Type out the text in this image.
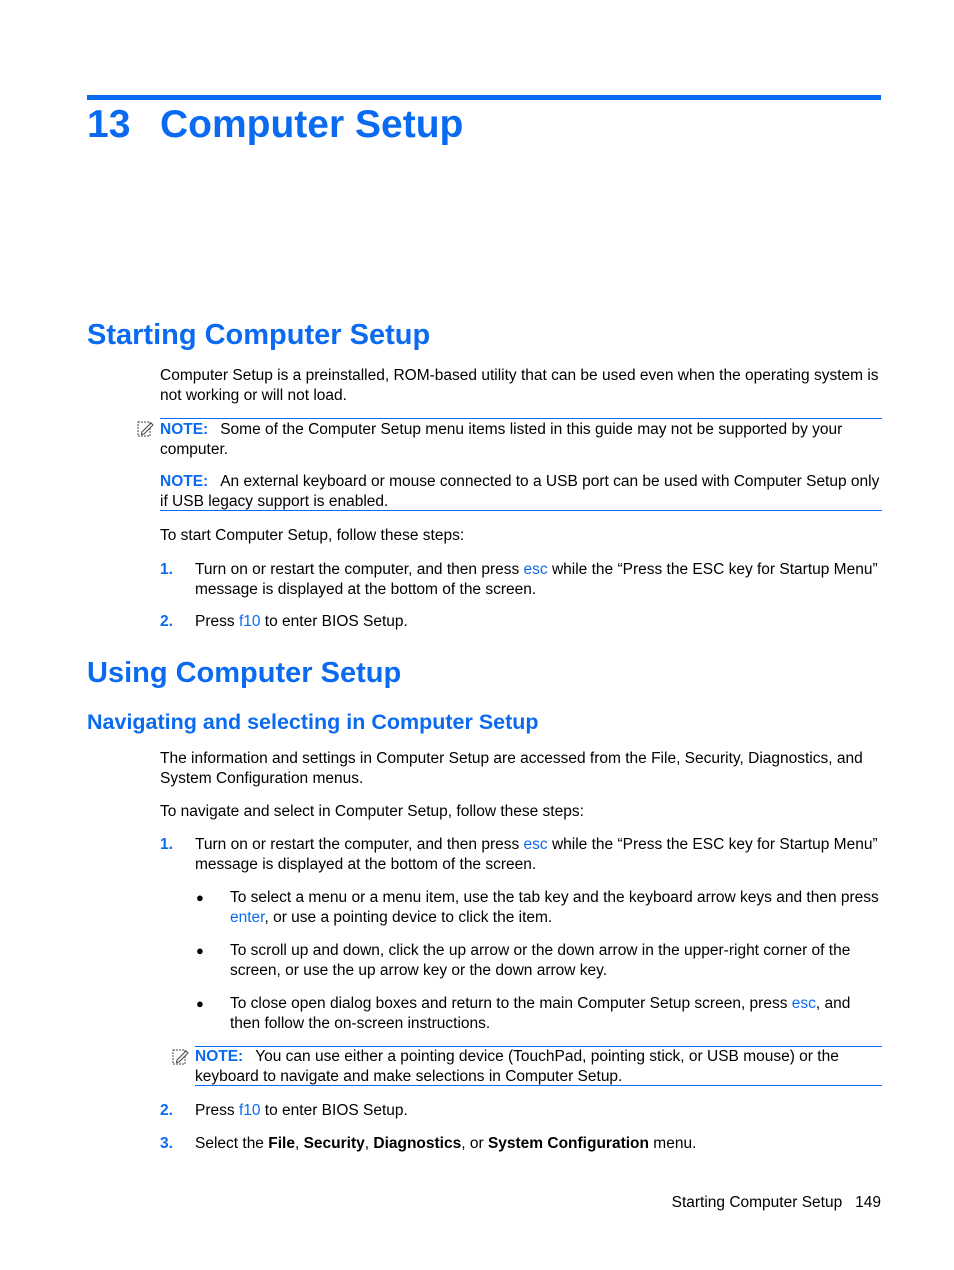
13 Computer Setup
Starting Computer Setup
Computer Setup is a preinstalled, ROM-based utility that can be used even when the operating system is not working or will not load.
NOTE: Some of the Computer Setup menu items listed in this guide may not be supported by your computer.
NOTE: An external keyboard or mouse connected to a USB port can be used with Computer Setup only if USB legacy support is enabled.
To start Computer Setup, follow these steps:
1. Turn on or restart the computer, and then press esc while the “Press the ESC key for Startup Menu” message is displayed at the bottom of the screen.
2. Press f10 to enter BIOS Setup.
Using Computer Setup
Navigating and selecting in Computer Setup
The information and settings in Computer Setup are accessed from the File, Security, Diagnostics, and System Configuration menus.
To navigate and select in Computer Setup, follow these steps:
1. Turn on or restart the computer, and then press esc while the “Press the ESC key for Startup Menu” message is displayed at the bottom of the screen.
● To select a menu or a menu item, use the tab key and the keyboard arrow keys and then press enter, or use a pointing device to click the item.
● To scroll up and down, click the up arrow or the down arrow in the upper-right corner of the screen, or use the up arrow key or the down arrow key.
● To close open dialog boxes and return to the main Computer Setup screen, press esc, and then follow the on-screen instructions.
NOTE: You can use either a pointing device (TouchPad, pointing stick, or USB mouse) or the keyboard to navigate and make selections in Computer Setup.
2. Press f10 to enter BIOS Setup.
3. Select the File, Security, Diagnostics, or System Configuration menu.
Starting Computer Setup 149
